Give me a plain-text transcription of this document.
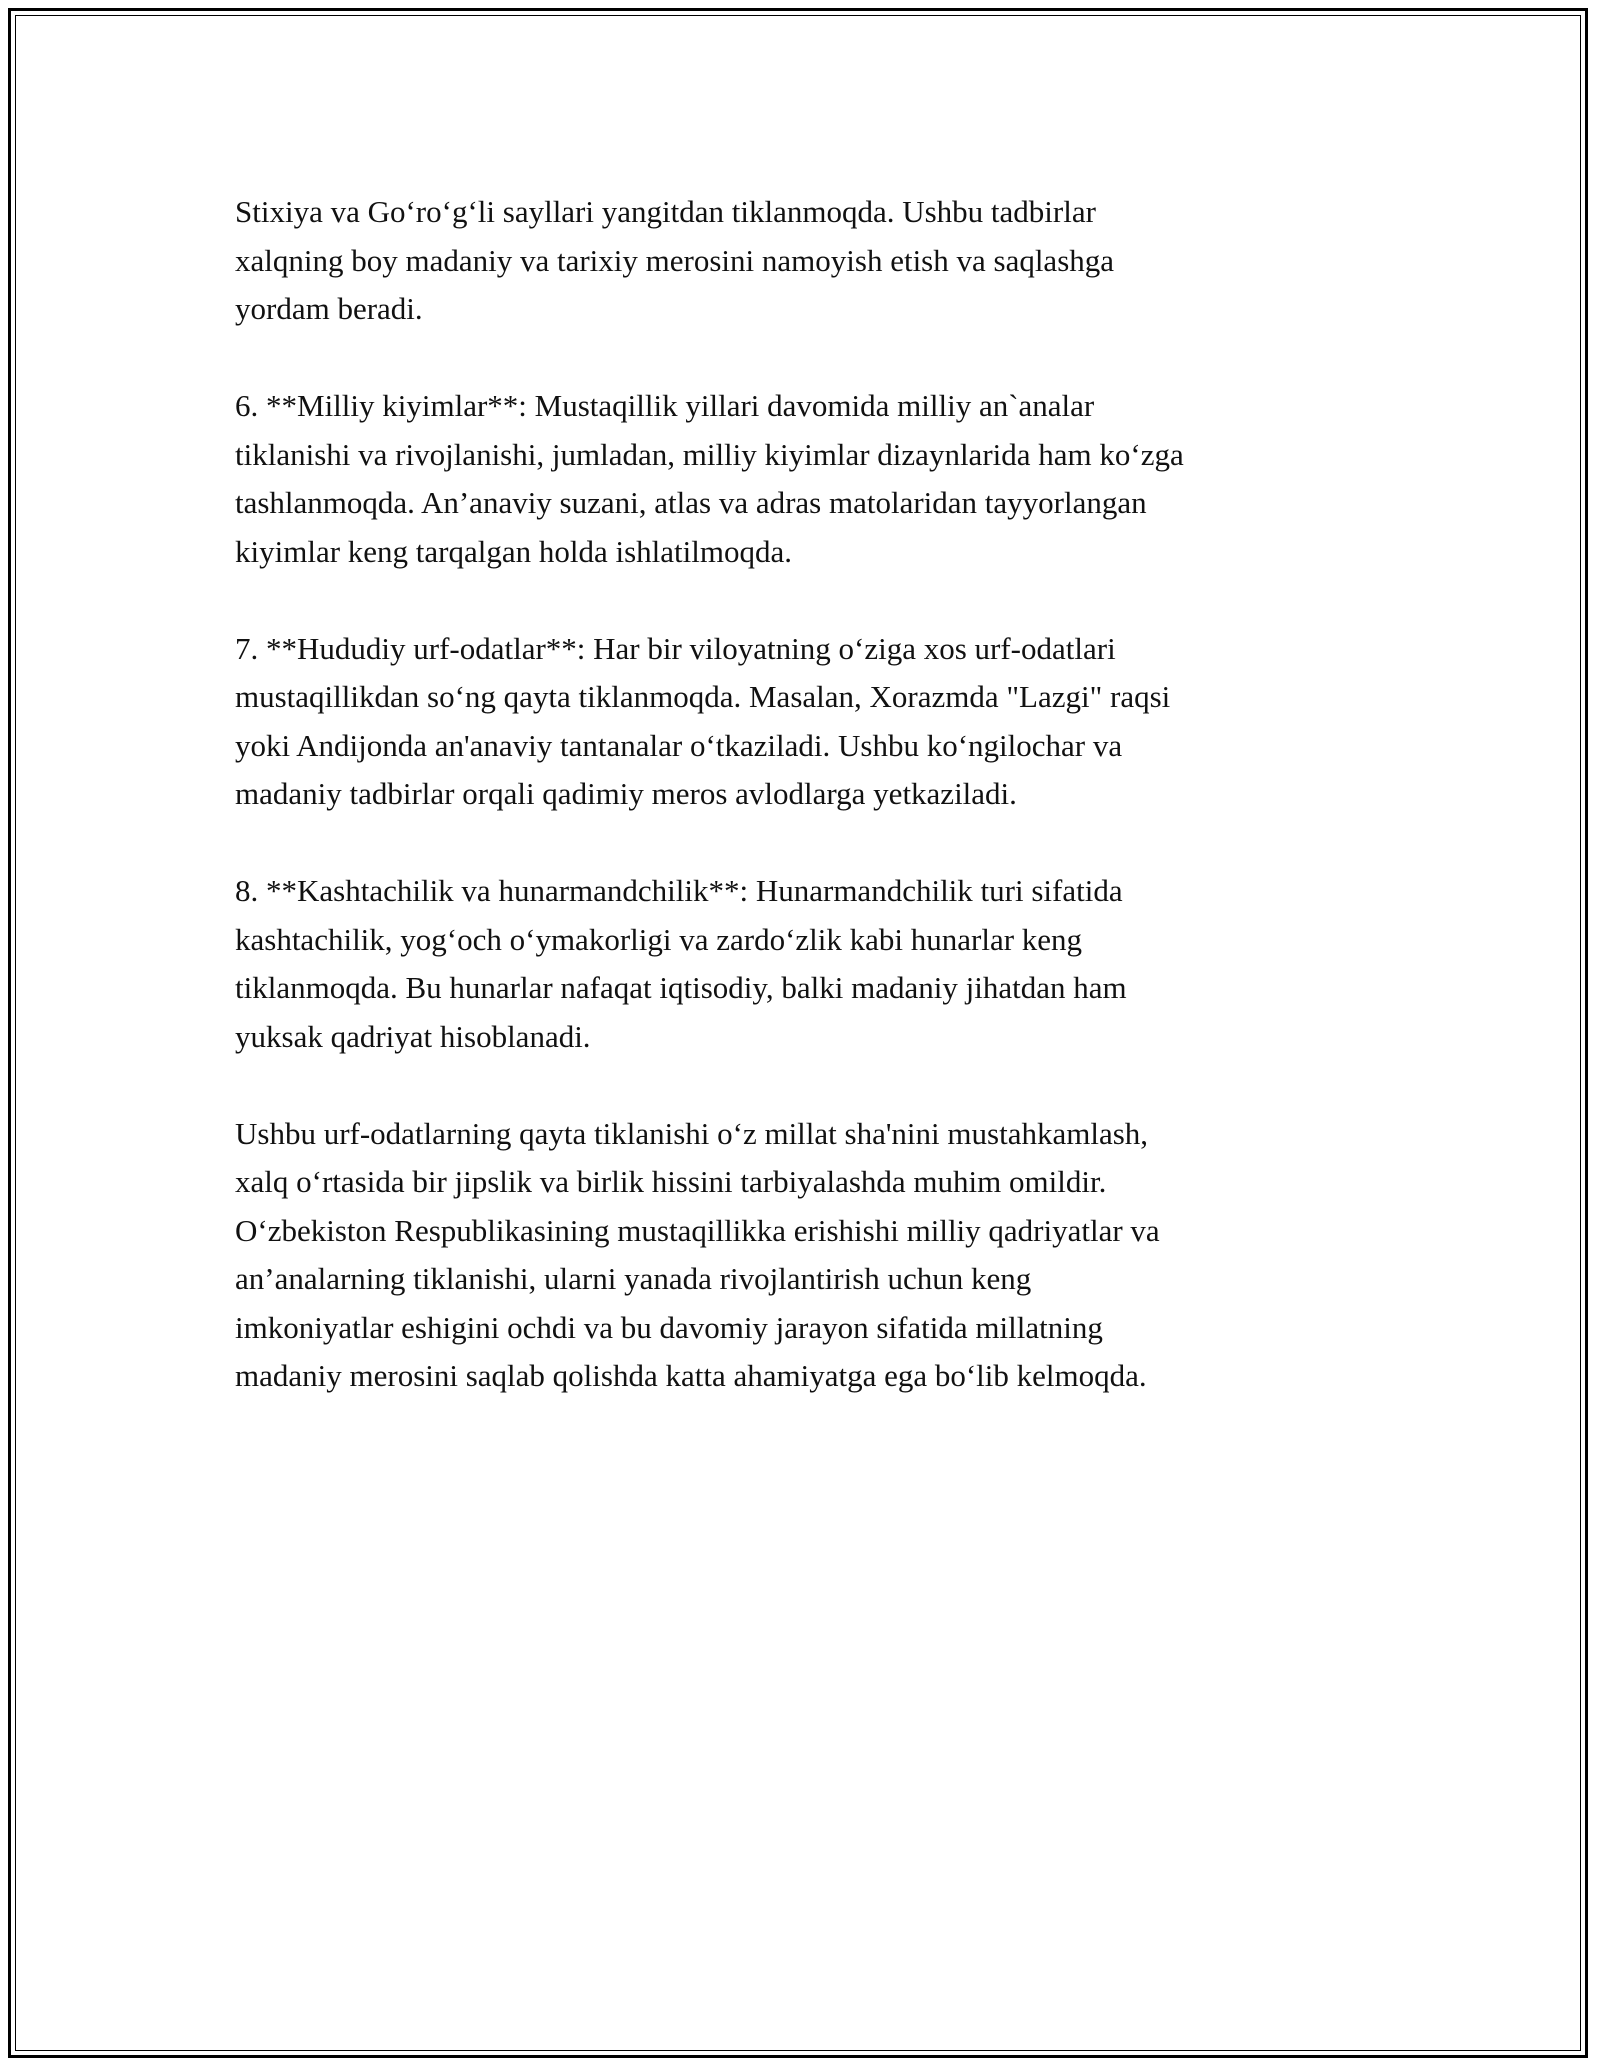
Stixiya va Go‘ro‘g‘li sayllari yangitdan tiklanmoqda. Ushbu tadbirlar
xalqning boy madaniy va tarixiy merosini namoyish etish va saqlashga
yordam beradi.

6. **Milliy kiyimlar**: Mustaqillik yillari davomida milliy an`analar
tiklanishi va rivojlanishi, jumladan, milliy kiyimlar dizaynlarida ham ko‘zga
tashlanmoqda. An’anaviy suzani, atlas va adras matolaridan tayyorlangan
kiyimlar keng tarqalgan holda ishlatilmoqda.

7. **Hududiy urf-odatlar**: Har bir viloyatning o‘ziga xos urf-odatlari
mustaqillikdan so‘ng qayta tiklanmoqda. Masalan, Xorazmda "Lazgi" raqsi
yoki Andijonda an'anaviy tantanalar o‘tkaziladi. Ushbu ko‘ngilochar va
madaniy tadbirlar orqali qadimiy meros avlodlarga yetkaziladi.

8. **Kashtachilik va hunarmandchilik**: Hunarmandchilik turi sifatida
kashtachilik, yog‘och o‘ymakorligi va zardo‘zlik kabi hunarlar keng
tiklanmoqda. Bu hunarlar nafaqat iqtisodiy, balki madaniy jihatdan ham
yuksak qadriyat hisoblanadi.

Ushbu urf-odatlarning qayta tiklanishi o‘z millat sha'nini mustahkamlash,
xalq o‘rtasida bir jipslik va birlik hissini tarbiyalashda muhim omildir.
O‘zbekiston Respublikasining mustaqillikka erishishi milliy qadriyatlar va
an’analarning tiklanishi, ularni yanada rivojlantirish uchun keng
imkoniyatlar eshigini ochdi va bu davomiy jarayon sifatida millatning
madaniy merosini saqlab qolishda katta ahamiyatga ega bo‘lib kelmoqda.
